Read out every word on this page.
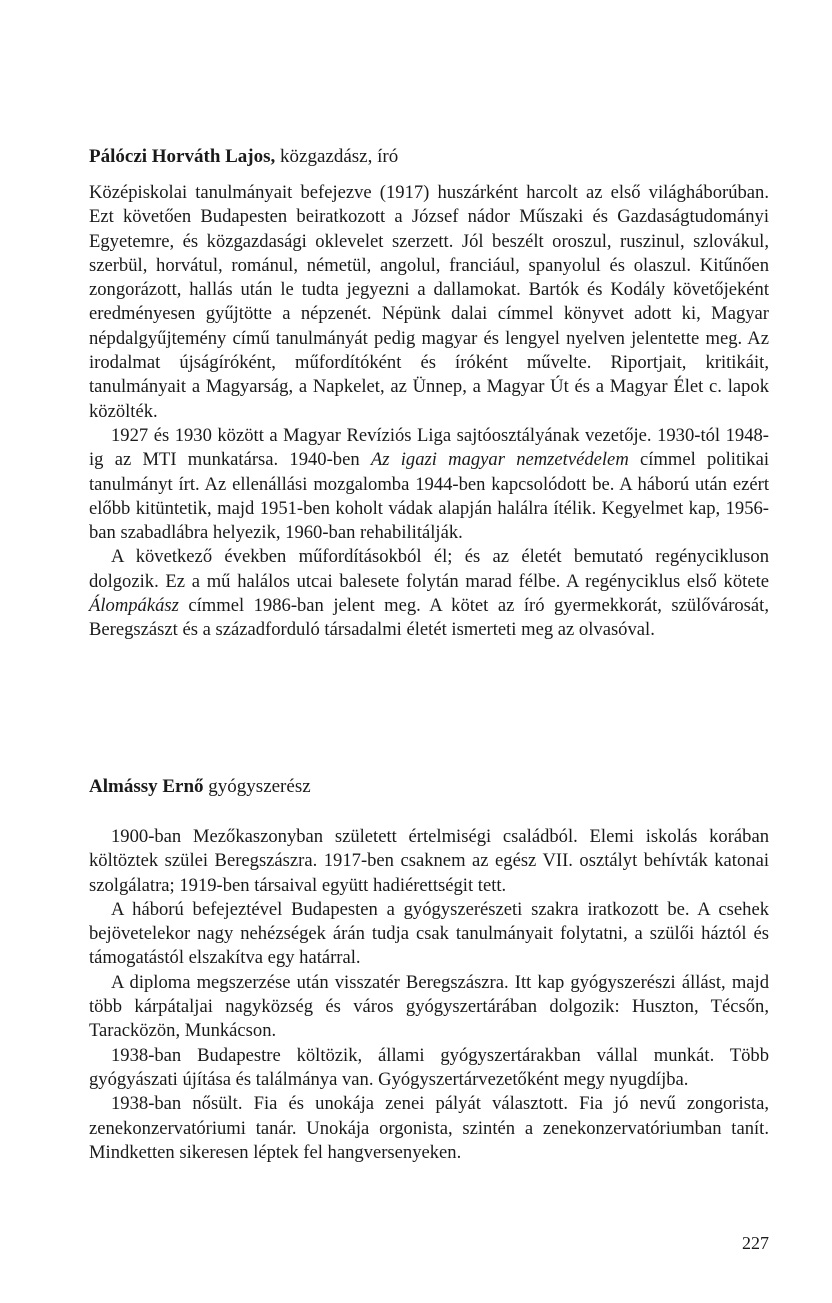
Pálóczi Horváth Lajos, közgazdász, író

Középiskolai tanulmányait befejezve (1917) huszárként harcolt az első világháborúban. Ezt követően Budapesten beiratkozott a József nádor Műszaki és Gazdaságtudományi Egyetemre, és közgazdasági oklevelet szerzett. Jól beszélt oroszul, ruszinul, szlovákul, szerbül, horvátul, románul, németül, angolul, franciául, spanyolul és olaszul. Kitűnően zongorázott, hallás után le tudta jegyezni a dallamokat. Bartók és Kodály követőjeként eredményesen gyűjtötte a népzenét. Népünk dalai címmel könyvet adott ki, Magyar népdalgyűjtemény című tanulmányát pedig magyar és lengyel nyelven jelentette meg. Az irodalmat újságíróként, műfordítóként és íróként művelte. Riportjait, kritikáit, tanulmányait a Magyarság, a Napkelet, az Ünnep, a Magyar Út és a Magyar Élet c. lapok közölték.

1927 és 1930 között a Magyar Revíziós Liga sajtóosztályának vezetője. 1930-tól 1948-ig az MTI munkatársa. 1940-ben Az igazi magyar nemzetvédelem címmel politikai tanulmányt írt. Az ellenállási mozgalomba 1944-ben kapcsolódott be. A háború után ezért előbb kitüntetik, majd 1951-ben koholt vádak alapján halálra ítélik. Kegyelmet kap, 1956-ban szabadlábra helyezik, 1960-ban rehabilitálják.

A következő években műfordításokból él; és az életét bemutató regénycikluson dolgozik. Ez a mű halálos utcai balesete folytán marad félbe. A regényciklus első kötete Álompákász címmel 1986-ban jelent meg. A kötet az író gyermekkorát, szülővárosát, Beregszászt és a századforduló társadalmi életét ismerteti meg az olvasóval.

Almássy Ernő gyógyszerész

1900-ban Mezőkaszonyban született értelmiségi családból. Elemi iskolás korában költöztek szülei Beregszászra. 1917-ben csaknem az egész VII. osztályt behívták katonai szolgálatra; 1919-ben társaival együtt hadiérettségit tett.

A háború befejeztével Budapesten a gyógyszerészeti szakra iratkozott be. A csehek bejövetelekor nagy nehézségek árán tudja csak tanulmányait folytatni, a szülői háztól és támogatástól elszakítva egy határral.

A diploma megszerzése után visszatér Beregszászra. Itt kap gyógyszerészi állást, majd több kárpátaljai nagyközség és város gyógyszertárában dolgozik: Huszton, Técsőn, Taracközön, Munkácson.

1938-ban Budapestre költözik, állami gyógyszertárakban vállal munkát. Több gyógyászati újítása és találmánya van. Gyógyszertárvezetőként megy nyugdíjba.

1938-ban nősült. Fia és unokája zenei pályát választott. Fia jó nevű zongorista, zenekonzervatóriumi tanár. Unokája orgonista, szintén a zenekonzervatóriumban tanít. Mindketten sikeresen léptek fel hangversenyeken.

227
